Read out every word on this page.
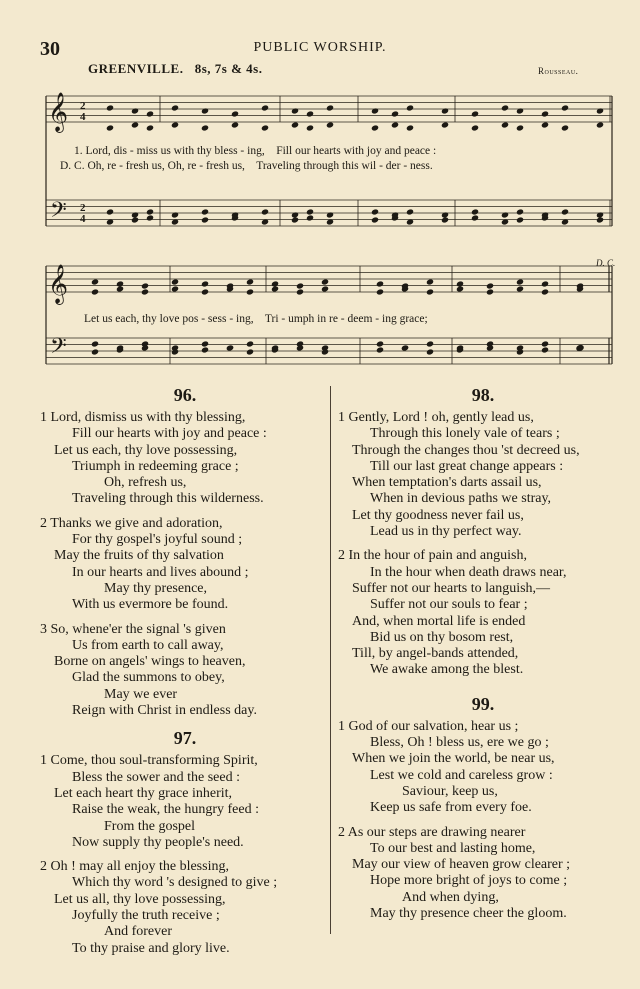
30	PUBLIC WORSHIP.
GREENVILLE. 8s, 7s & 4s.	Rousseau.
D. C.
2
4
2
4
𝄞
𝄢
𝄞
𝄢
1. Lord, dis - miss us with thy bless - ing,    Fill our hearts with joy and peace :
D. C. Oh, re - fresh us, Oh, re - fresh us,    Traveling through this wil - der - ness.
Let us each, thy love pos - sess - ing,    Tri - umph in re - deem - ing grace;
96.
1 Lord, dismiss us with thy blessing,
Fill our hearts with joy and peace :
Let us each, thy love possessing,
Triumph in redeeming grace ;
Oh, refresh us,
Traveling through this wilderness.
2 Thanks we give and adoration,
For thy gospel's joyful sound ;
May the fruits of thy salvation
In our hearts and lives abound ;
May thy presence,
With us evermore be found.
3 So, whene'er the signal 's given
Us from earth to call away,
Borne on angels' wings to heaven,
Glad the summons to obey,
May we ever
Reign with Christ in endless day.
97.
1 Come, thou soul-transforming Spirit,
Bless the sower and the seed :
Let each heart thy grace inherit,
Raise the weak, the hungry feed :
From the gospel
Now supply thy people's need.
2 Oh ! may all enjoy the blessing,
Which thy word 's designed to give ;
Let us all, thy love possessing,
Joyfully the truth receive ;
And forever
To thy praise and glory live.
98.
1 Gently, Lord ! oh, gently lead us,
Through this lonely vale of tears ;
Through the changes thou 'st decreed us,
Till our last great change appears :
When temptation's darts assail us,
When in devious paths we stray,
Let thy goodness never fail us,
Lead us in thy perfect way.
2 In the hour of pain and anguish,
In the hour when death draws near,
Suffer not our hearts to languish,—
Suffer not our souls to fear ;
And, when mortal life is ended
Bid us on thy bosom rest,
Till, by angel-bands attended,
We awake among the blest.
99.
1 God of our salvation, hear us ;
Bless, Oh ! bless us, ere we go ;
When we join the world, be near us,
Lest we cold and careless grow :
Saviour, keep us,
Keep us safe from every foe.
2 As our steps are drawing nearer
To our best and lasting home,
May our view of heaven grow clearer ;
Hope more bright of joys to come ;
And when dying,
May thy presence cheer the gloom.
